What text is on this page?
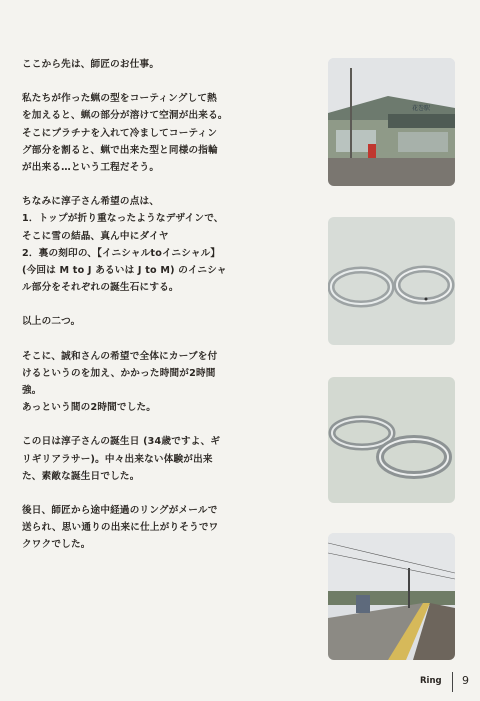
ここから先は、師匠のお仕事。
私たちが作った蝋の型をコーティングして熱
を加えると、蝋の部分が溶けて空洞が出来る。
そこにプラチナを入れて冷ましてコーティン
グ部分を割ると、蝋で出来た型と同様の指輪
が出来る…という工程だそう。
ちなみに淳子さん希望の点は、
1．トップが折り重なったようなデザインで、
そこに雪の結晶、真ん中にダイヤ
2．裏の刻印の、【イニシャルtoイニシャル】
(今回は M to J あるいは J to M) のイニシャ
ル部分をそれぞれの誕生石にする。
以上の二つ。
そこに、誠和さんの希望で全体にカーブを付
けるというのを加え、かかった時間が2時間
強。
あっという間の2時間でした。
この日は淳子さんの誕生日 (34歳ですよ、ギ
リギリアラサー)。中々出来ない体験が出来
た、素敵な誕生日でした。
後日、師匠から途中経過のリングがメールで
送られ、思い通りの出来に仕上がりそうでワ
クワクでした。
花巻駅
Ring 9
